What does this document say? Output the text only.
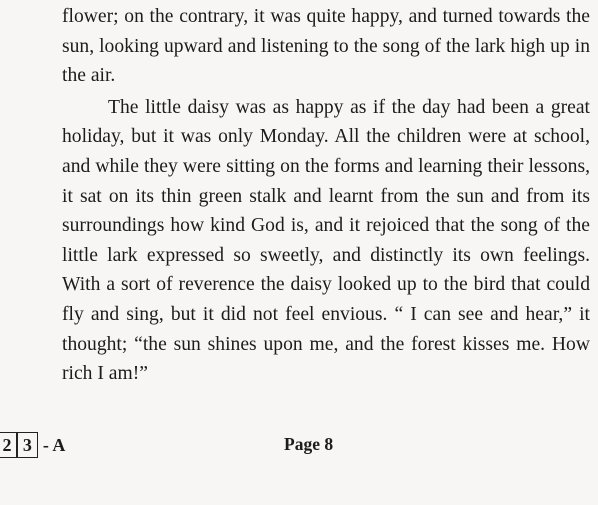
flower; on the contrary, it was quite happy, and turned towards the sun, looking upward and listening to the song of the lark high up in the air.

The little daisy was as happy as if the day had been a great holiday, but it was only Monday. All the children were at school, and while they were sitting on the forms and learning their lessons, it sat on its thin green stalk and learnt from the sun and from its surroundings how kind God is, and it rejoiced that the song of the little lark expressed so sweetly, and distinctly its own feelings. With a sort of reverence the daisy looked up to the bird that could fly and sing, but it did not feel envious. “ I can see and hear,” it thought; “the sun shines upon me, and the forest kisses me. How rich I am!”

2 3 - A	Page 8
